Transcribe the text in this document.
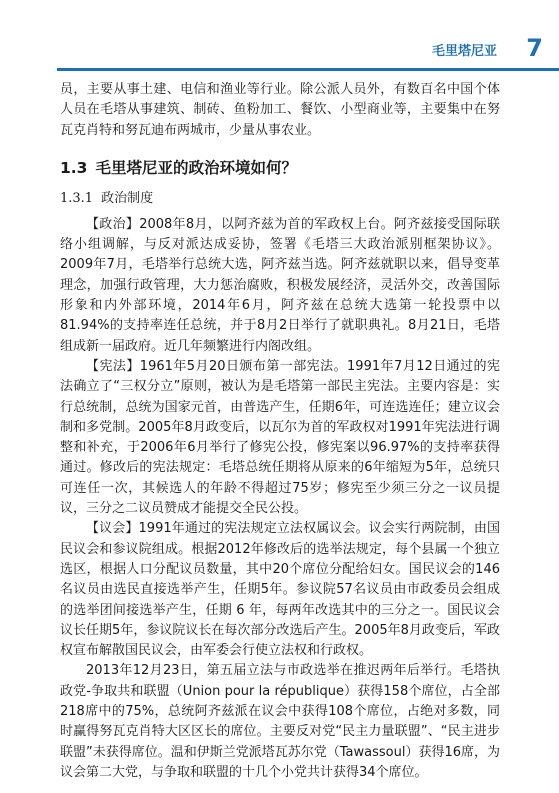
毛里塔尼亚 7

员，主要从事土建、电信和渔业等行业。除公派人员外，有数百名中国个体人员在毛塔从事建筑、制砖、鱼粉加工、餐饮、小型商业等，主要集中在努瓦克肖特和努瓦迪布两城市，少量从事农业。

1.3 毛里塔尼亚的政治环境如何？
1.3.1 政治制度

【政治】2008年8月，以阿齐兹为首的军政权上台。阿齐兹接受国际联络小组调解，与反对派达成妥协，签署《毛塔三大政治派别框架协议》。2009年7月，毛塔举行总统大选，阿齐兹当选。阿齐兹就职以来，倡导变革理念，加强行政管理，大力惩治腐败，积极发展经济，灵活外交，改善国际形象和内外部环境，2014年6月，阿齐兹在总统大选第一轮投票中以81.94%的支持率连任总统，并于8月2日举行了就职典礼。8月21日，毛塔组成新一届政府。近几年频繁进行内阁改组。

【宪法】1961年5月20日颁布第一部宪法。1991年7月12日通过的宪法确立了“三权分立”原则，被认为是毛塔第一部民主宪法。主要内容是：实行总统制，总统为国家元首，由普选产生，任期6年，可连选连任；建立议会制和多党制。2005年8月政变后，以瓦尔为首的军政权对1991年宪法进行调整和补充，于2006年6月举行了修宪公投，修宪案以96.97%的支持率获得通过。修改后的宪法规定：毛塔总统任期将从原来的6年缩短为5年，总统只可连任一次，其候选人的年龄不得超过75岁；修宪至少须三分之一议员提议，三分之二议员赞成才能提交全民公投。

【议会】1991年通过的宪法规定立法权属议会。议会实行两院制，由国民议会和参议院组成。根据2012年修改后的选举法规定，每个县属一个独立选区，根据人口分配议员数量，其中20个席位分配给妇女。国民议会的146名议员由选民直接选举产生，任期5年。参议院57名议员由市政委员会组成的选举团间接选举产生，任期 6 年，每两年改选其中的三分之一。国民议会议长任期5年，参议院议长在每次部分改选后产生。2005年8月政变后，军政权宣布解散国民议会，由军委会行使立法权和行政权。

2013年12月23日，第五届立法与市政选举在推迟两年后举行。毛塔执政党-争取共和联盟（Union pour la république）获得158个席位，占全部218席中的75%，总统阿齐兹派在议会中获得108个席位，占绝对多数，同时赢得努瓦克肖特大区区长的席位。主要反对党“民主力量联盟”、“民主进步联盟”未获得席位。温和伊斯兰党派塔瓦苏尔党（Tawassoul）获得16席，为议会第二大党，与争取和联盟的十几个小党共计获得34个席位。
